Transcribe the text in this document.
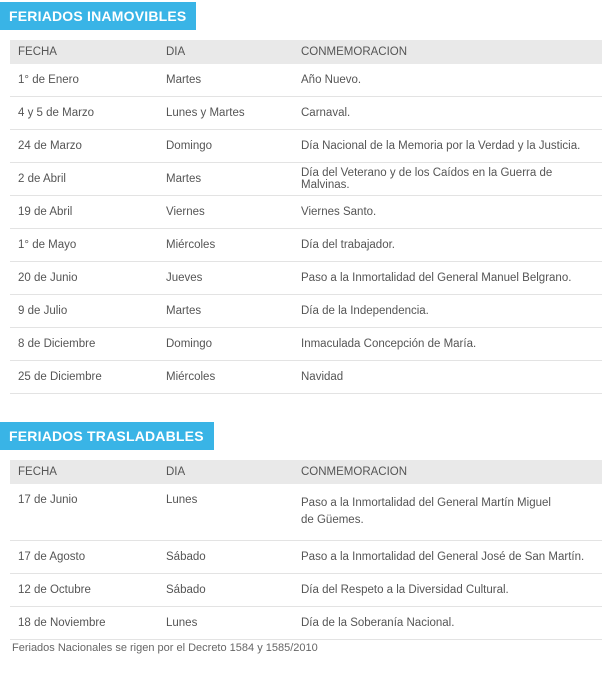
FERIADOS INAMOVIBLES
FECHA	DIA	CONMEMORACION
1° de Enero	Martes	Año Nuevo.
4 y 5 de Marzo	Lunes y Martes	Carnaval.
24 de Marzo	Domingo	Día Nacional de la Memoria por la Verdad y la Justicia.
2 de Abril	Martes	Día del Veterano y de los Caídos en la Guerra de Malvinas.
19 de Abril	Viernes	Viernes Santo.
1° de Mayo	Miércoles	Día del trabajador.
20 de Junio	Jueves	Paso a la Inmortalidad del General Manuel Belgrano.
9 de Julio	Martes	Día de la Independencia.
8 de Diciembre	Domingo	Inmaculada Concepción de María.
25 de Diciembre	Miércoles	Navidad
FERIADOS TRASLADABLES
FECHA	DIA	CONMEMORACION
17 de Junio	Lunes	Paso a la Inmortalidad del General Martín Miguel de Güemes.
17 de Agosto	Sábado	Paso a la Inmortalidad del General José de San Martín.
12 de Octubre	Sábado	Día del Respeto a la Diversidad Cultural.
18 de Noviembre	Lunes	Día de la Soberanía Nacional.
Feriados Nacionales se rigen por el Decreto 1584 y 1585/2010
